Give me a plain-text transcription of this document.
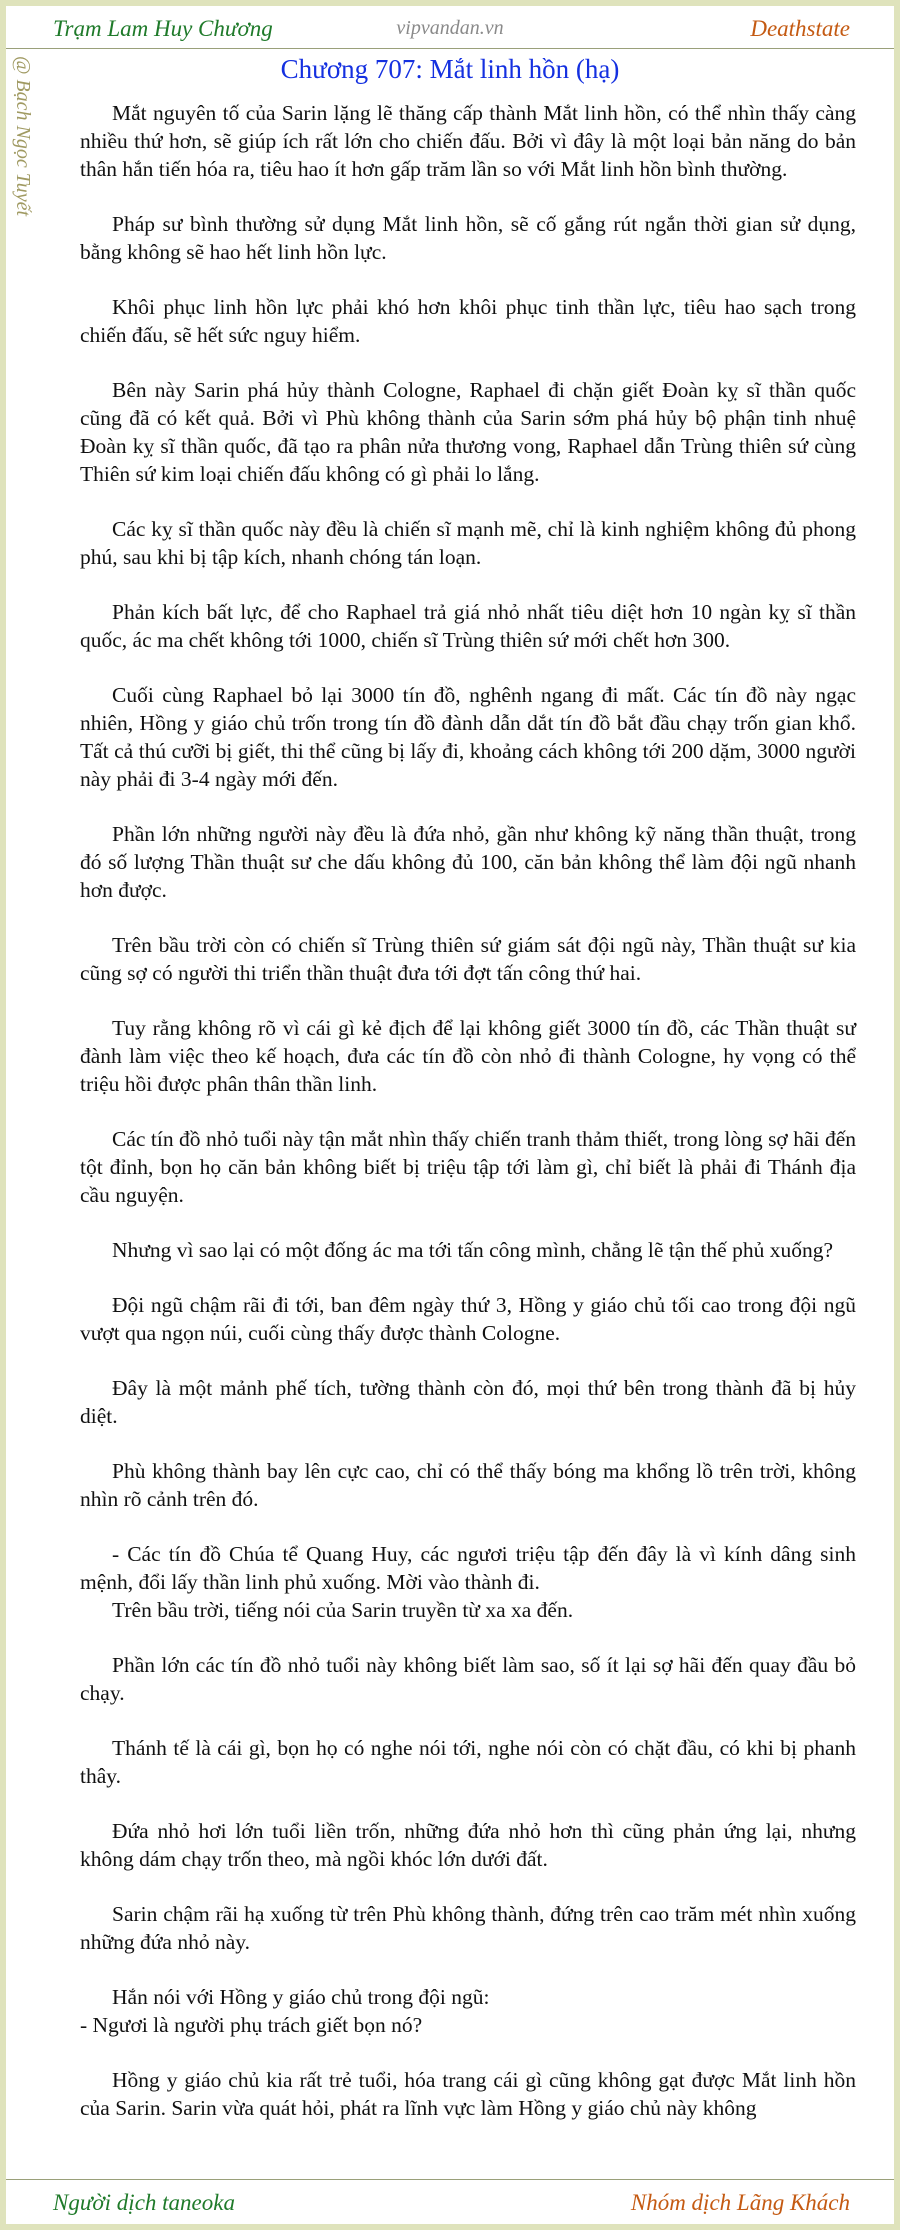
Trạm Lam Huy Chương	vipvandan.vn	Deathstate
@ Bạch Ngọc Tuyết	Chương 707: Mắt linh hồn (hạ)

Mắt nguyên tố của Sarin lặng lẽ thăng cấp thành Mắt linh hồn, có thể nhìn thấy càng nhiều thứ hơn, sẽ giúp ích rất lớn cho chiến đấu. Bởi vì đây là một loại bản năng do bản thân hắn tiến hóa ra, tiêu hao ít hơn gấp trăm lần so với Mắt linh hồn bình thường.

Pháp sư bình thường sử dụng Mắt linh hồn, sẽ cố gắng rút ngắn thời gian sử dụng, bằng không sẽ hao hết linh hồn lực.

Khôi phục linh hồn lực phải khó hơn khôi phục tinh thần lực, tiêu hao sạch trong chiến đấu, sẽ hết sức nguy hiểm.

Bên này Sarin phá hủy thành Cologne, Raphael đi chặn giết Đoàn kỵ sĩ thần quốc cũng đã có kết quả. Bởi vì Phù không thành của Sarin sớm phá hủy bộ phận tinh nhuệ Đoàn kỵ sĩ thần quốc, đã tạo ra phân nửa thương vong, Raphael dẫn Trùng thiên sứ cùng Thiên sứ kim loại chiến đấu không có gì phải lo lắng.

Các kỵ sĩ thần quốc này đều là chiến sĩ mạnh mẽ, chỉ là kinh nghiệm không đủ phong phú, sau khi bị tập kích, nhanh chóng tán loạn.

Phản kích bất lực, để cho Raphael trả giá nhỏ nhất tiêu diệt hơn 10 ngàn kỵ sĩ thần quốc, ác ma chết không tới 1000, chiến sĩ Trùng thiên sứ mới chết hơn 300.

Cuối cùng Raphael bỏ lại 3000 tín đồ, nghênh ngang đi mất. Các tín đồ này ngạc nhiên, Hồng y giáo chủ trốn trong tín đồ đành dẫn dắt tín đồ bắt đầu chạy trốn gian khổ. Tất cả thú cưỡi bị giết, thi thể cũng bị lấy đi, khoảng cách không tới 200 dặm, 3000 người này phải đi 3-4 ngày mới đến.

Phần lớn những người này đều là đứa nhỏ, gần như không kỹ năng thần thuật, trong đó số lượng Thần thuật sư che dấu không đủ 100, căn bản không thể làm đội ngũ nhanh hơn được.

Trên bầu trời còn có chiến sĩ Trùng thiên sứ giám sát đội ngũ này, Thần thuật sư kia cũng sợ có người thi triển thần thuật đưa tới đợt tấn công thứ hai.

Tuy rằng không rõ vì cái gì kẻ địch để lại không giết 3000 tín đồ, các Thần thuật sư đành làm việc theo kế hoạch, đưa các tín đồ còn nhỏ đi thành Cologne, hy vọng có thể triệu hồi được phân thân thần linh.

Các tín đồ nhỏ tuổi này tận mắt nhìn thấy chiến tranh thảm thiết, trong lòng sợ hãi đến tột đỉnh, bọn họ căn bản không biết bị triệu tập tới làm gì, chỉ biết là phải đi Thánh địa cầu nguyện.

Nhưng vì sao lại có một đống ác ma tới tấn công mình, chẳng lẽ tận thế phủ xuống?

Đội ngũ chậm rãi đi tới, ban đêm ngày thứ 3, Hồng y giáo chủ tối cao trong đội ngũ vượt qua ngọn núi, cuối cùng thấy được thành Cologne.

Đây là một mảnh phế tích, tường thành còn đó, mọi thứ bên trong thành đã bị hủy diệt.

Phù không thành bay lên cực cao, chỉ có thể thấy bóng ma khổng lồ trên trời, không nhìn rõ cảnh trên đó.

- Các tín đồ Chúa tể Quang Huy, các ngươi triệu tập đến đây là vì kính dâng sinh mệnh, đổi lấy thần linh phủ xuống. Mời vào thành đi.

Trên bầu trời, tiếng nói của Sarin truyền từ xa xa đến.

Phần lớn các tín đồ nhỏ tuổi này không biết làm sao, số ít lại sợ hãi đến quay đầu bỏ chạy.

Thánh tế là cái gì, bọn họ có nghe nói tới, nghe nói còn có chặt đầu, có khi bị phanh thây.

Đứa nhỏ hơi lớn tuổi liền trốn, những đứa nhỏ hơn thì cũng phản ứng lại, nhưng không dám chạy trốn theo, mà ngồi khóc lớn dưới đất.

Sarin chậm rãi hạ xuống từ trên Phù không thành, đứng trên cao trăm mét nhìn xuống những đứa nhỏ này.

Hắn nói với Hồng y giáo chủ trong đội ngũ:

- Ngươi là người phụ trách giết bọn nó?

Hồng y giáo chủ kia rất trẻ tuổi, hóa trang cái gì cũng không gạt được Mắt linh hồn của Sarin. Sarin vừa quát hỏi, phát ra lĩnh vực làm Hồng y giáo chủ này không

Người dịch taneoka	Nhóm dịch Lãng Khách
